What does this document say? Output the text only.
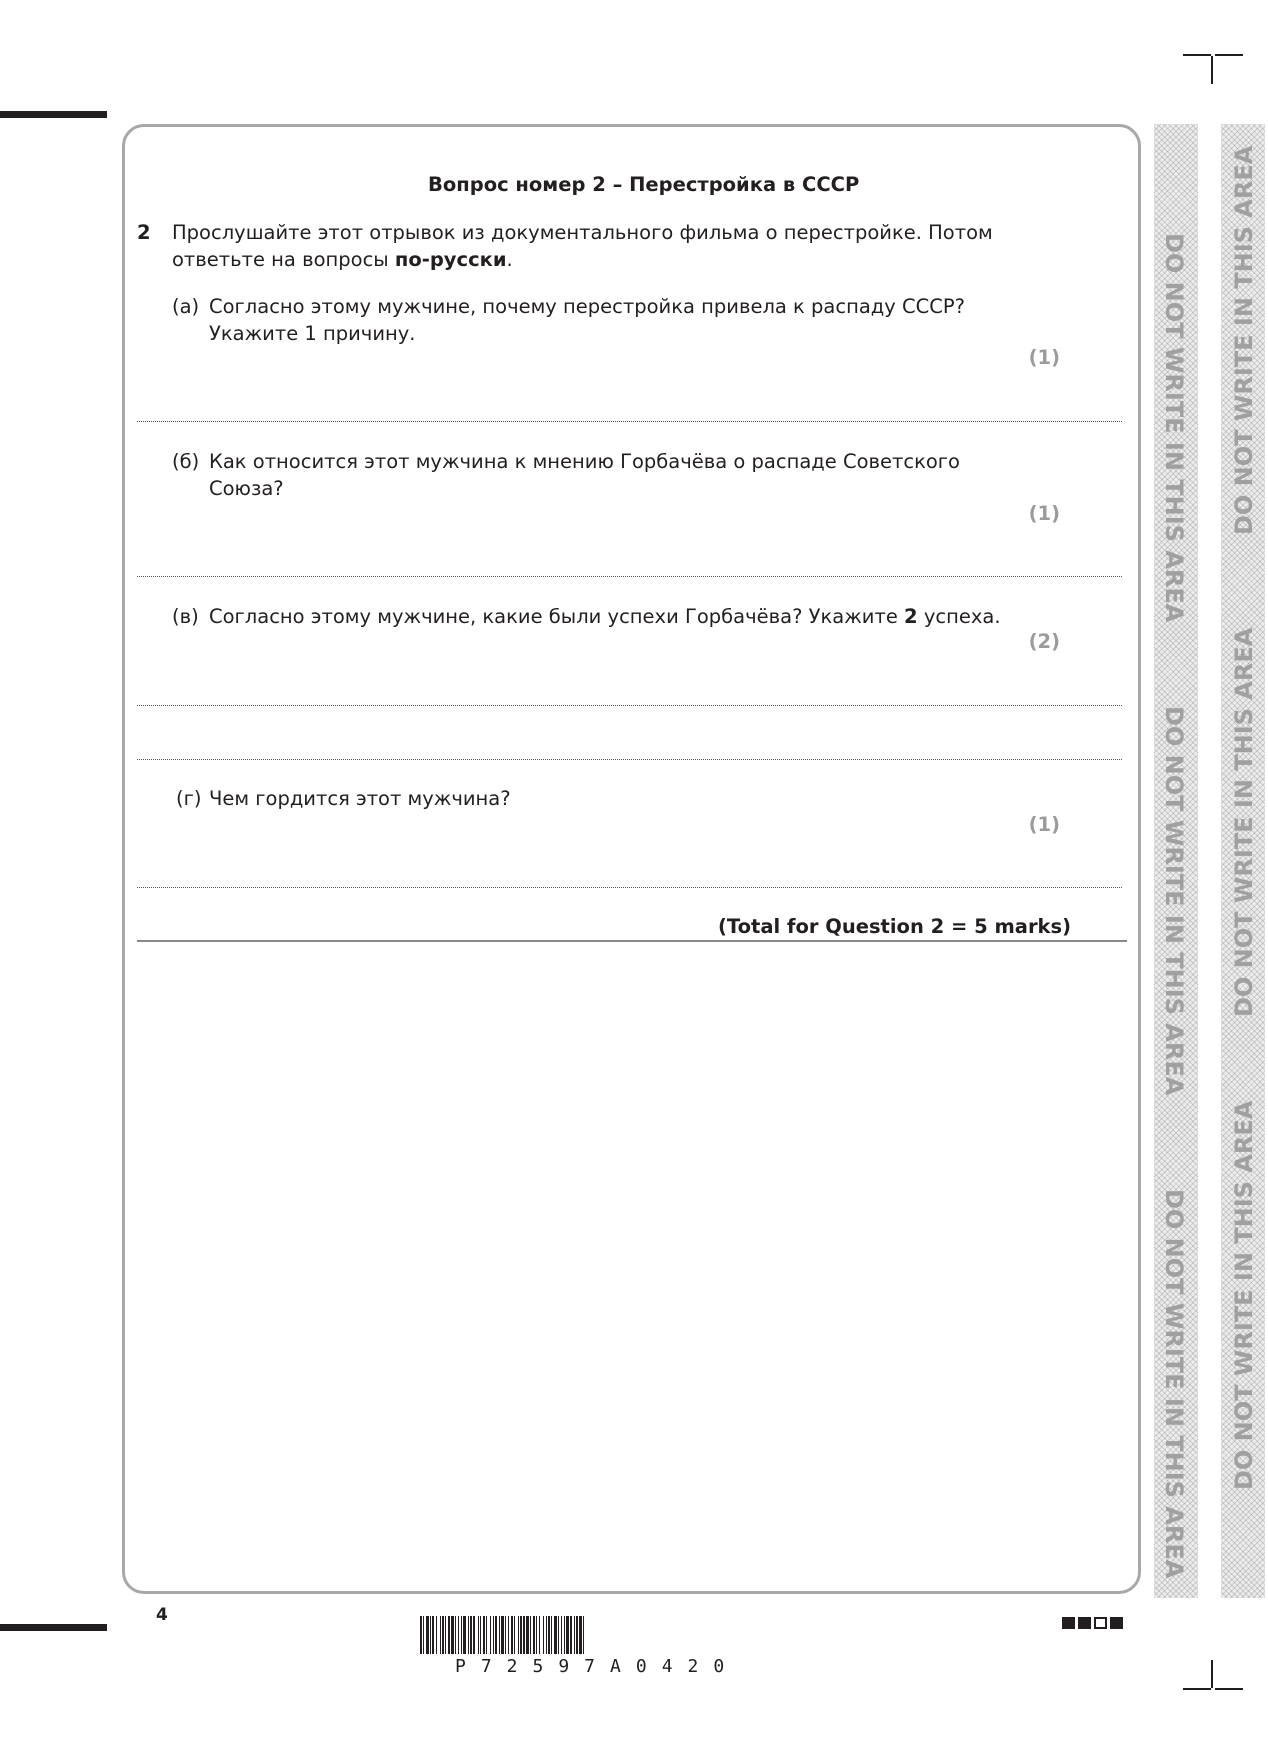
Вопрос номер 2 – Перестройка в СССР
2 Прослушайте этот отрывок из документального фильма о перестройке. Потом
ответьте на вопросы по-русски.
(a) Согласно этому мужчине, почему перестройка привела к распаду СССР?
Укажите 1 причину.
(1)
(б) Как относится этот мужчина к мнению Горбачёва о распаде Советского
Союза?
(1)
(в) Согласно этому мужчине, какие были успехи Горбачёва? Укажите 2 успеха.
(2)
(г) Чем гордится этот мужчина?
(1)
(Total for Question 2 = 5 marks)
DO NOT WRITE IN THIS AREA
DO NOT WRITE IN THIS AREA
DO NOT WRITE IN THIS AREA
DO NOT WRITE IN THIS AREA
DO NOT WRITE IN THIS AREA
DO NOT WRITE IN THIS AREA
4
P72597A0420
